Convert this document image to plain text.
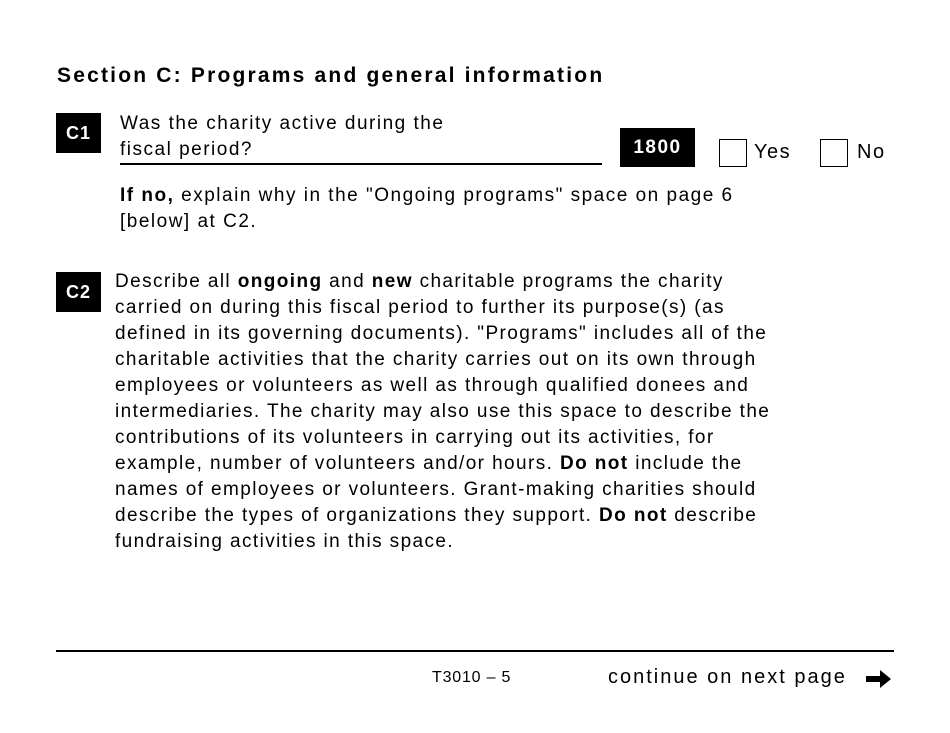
Section C: Programs and general information
C1	Was the charity active during the
fiscal period?	1800	Yes	No
If no, explain why in the "Ongoing programs" space on page 6
[below] at C2.
C2	Describe all ongoing and new charitable programs the charity
carried on during this fiscal period to further its purpose(s) (as
defined in its governing documents). "Programs" includes all of the
charitable activities that the charity carries out on its own through
employees or volunteers as well as through qualified donees and
intermediaries. The charity may also use this space to describe the
contributions of its volunteers in carrying out its activities, for
example, number of volunteers and/or hours. Do not include the
names of employees or volunteers. Grant-making charities should
describe the types of organizations they support. Do not describe
fundraising activities in this space.
T3010 – 5	continue on next page
